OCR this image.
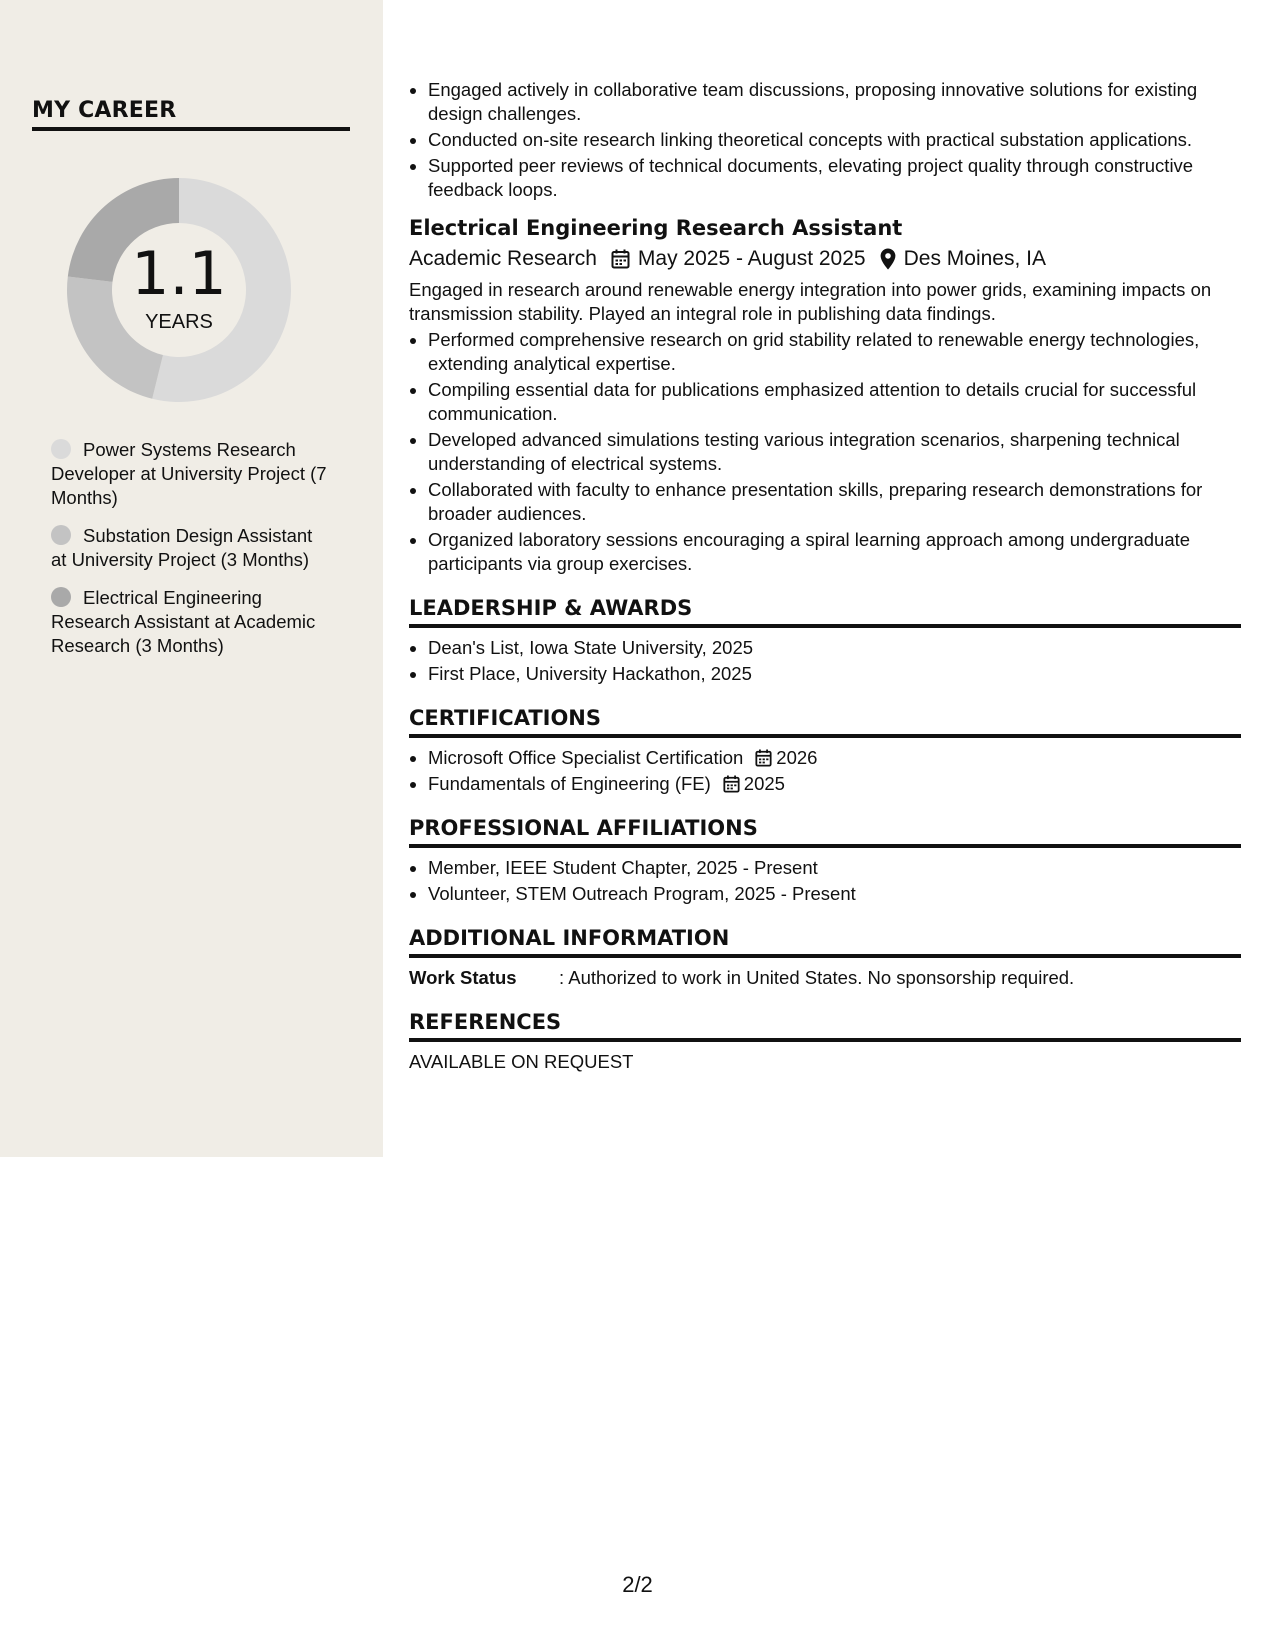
MY CAREER
1.1
YEARS
Power Systems Research Developer at University Project (7 Months)
Substation Design Assistant at University Project (3 Months)
Electrical Engineering Research Assistant at Academic Research (3 Months)
• Engaged actively in collaborative team discussions, proposing innovative solutions for existing design challenges.
• Conducted on-site research linking theoretical concepts with practical substation applications.
• Supported peer reviews of technical documents, elevating project quality through constructive feedback loops.
Electrical Engineering Research Assistant
Academic Research May 2025 - August 2025 Des Moines, IA
Engaged in research around renewable energy integration into power grids, examining impacts on transmission stability. Played an integral role in publishing data findings.
• Performed comprehensive research on grid stability related to renewable energy technologies, extending analytical expertise.
• Compiling essential data for publications emphasized attention to details crucial for successful communication.
• Developed advanced simulations testing various integration scenarios, sharpening technical understanding of electrical systems.
• Collaborated with faculty to enhance presentation skills, preparing research demonstrations for broader audiences.
• Organized laboratory sessions encouraging a spiral learning approach among undergraduate participants via group exercises.
LEADERSHIP & AWARDS
• Dean's List, Iowa State University, 2025
• First Place, University Hackathon, 2025
CERTIFICATIONS
• Microsoft Office Specialist Certification 2026
• Fundamentals of Engineering (FE) 2025
PROFESSIONAL AFFILIATIONS
• Member, IEEE Student Chapter, 2025 - Present
• Volunteer, STEM Outreach Program, 2025 - Present
ADDITIONAL INFORMATION
Work Status	: Authorized to work in United States. No sponsorship required.
REFERENCES
AVAILABLE ON REQUEST
2/2
